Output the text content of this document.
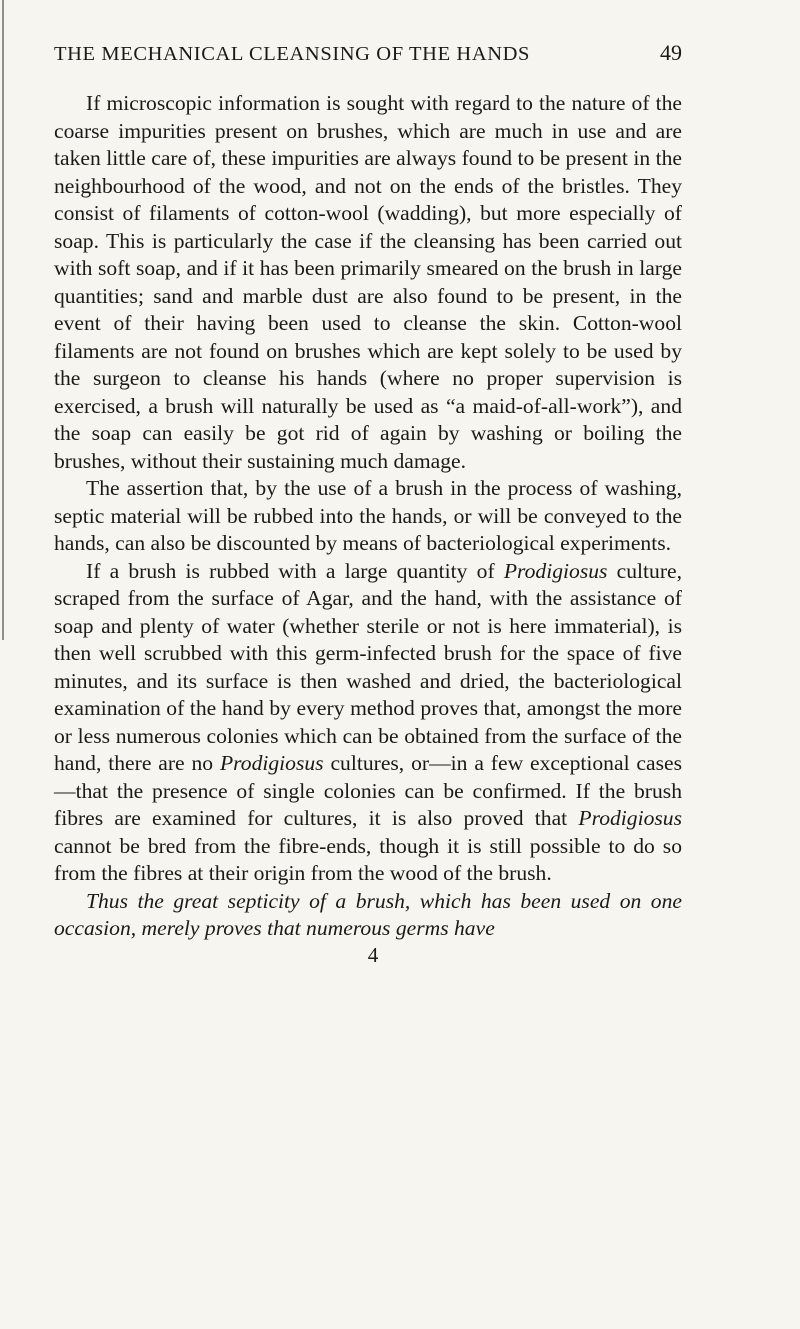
THE MECHANICAL CLEANSING OF THE HANDS	49

If microscopic information is sought with regard to the nature of the coarse impurities present on brushes, which are much in use and are taken little care of, these impurities are always found to be present in the neighbourhood of the wood, and not on the ends of the bristles. They consist of filaments of cotton-wool (wadding), but more especially of soap. This is particularly the case if the cleansing has been carried out with soft soap, and if it has been primarily smeared on the brush in large quantities; sand and marble dust are also found to be present, in the event of their having been used to cleanse the skin. Cotton-wool filaments are not found on brushes which are kept solely to be used by the surgeon to cleanse his hands (where no proper supervision is exercised, a brush will naturally be used as “a maid-of-all-work”), and the soap can easily be got rid of again by washing or boiling the brushes, without their sustaining much damage.

The assertion that, by the use of a brush in the process of washing, septic material will be rubbed into the hands, or will be conveyed to the hands, can also be discounted by means of bacteriological experiments.

If a brush is rubbed with a large quantity of Prodigiosus culture, scraped from the surface of Agar, and the hand, with the assistance of soap and plenty of water (whether sterile or not is here immaterial), is then well scrubbed with this germ-infected brush for the space of five minutes, and its surface is then washed and dried, the bacteriological examination of the hand by every method proves that, amongst the more or less numerous colonies which can be obtained from the surface of the hand, there are no Prodigiosus cultures, or—in a few exceptional cases—that the presence of single colonies can be confirmed. If the brush fibres are examined for cultures, it is also proved that Prodigiosus cannot be bred from the fibre-ends, though it is still possible to do so from the fibres at their origin from the wood of the brush.

Thus the great septicity of a brush, which has been used on one occasion, merely proves that numerous germs have

4
